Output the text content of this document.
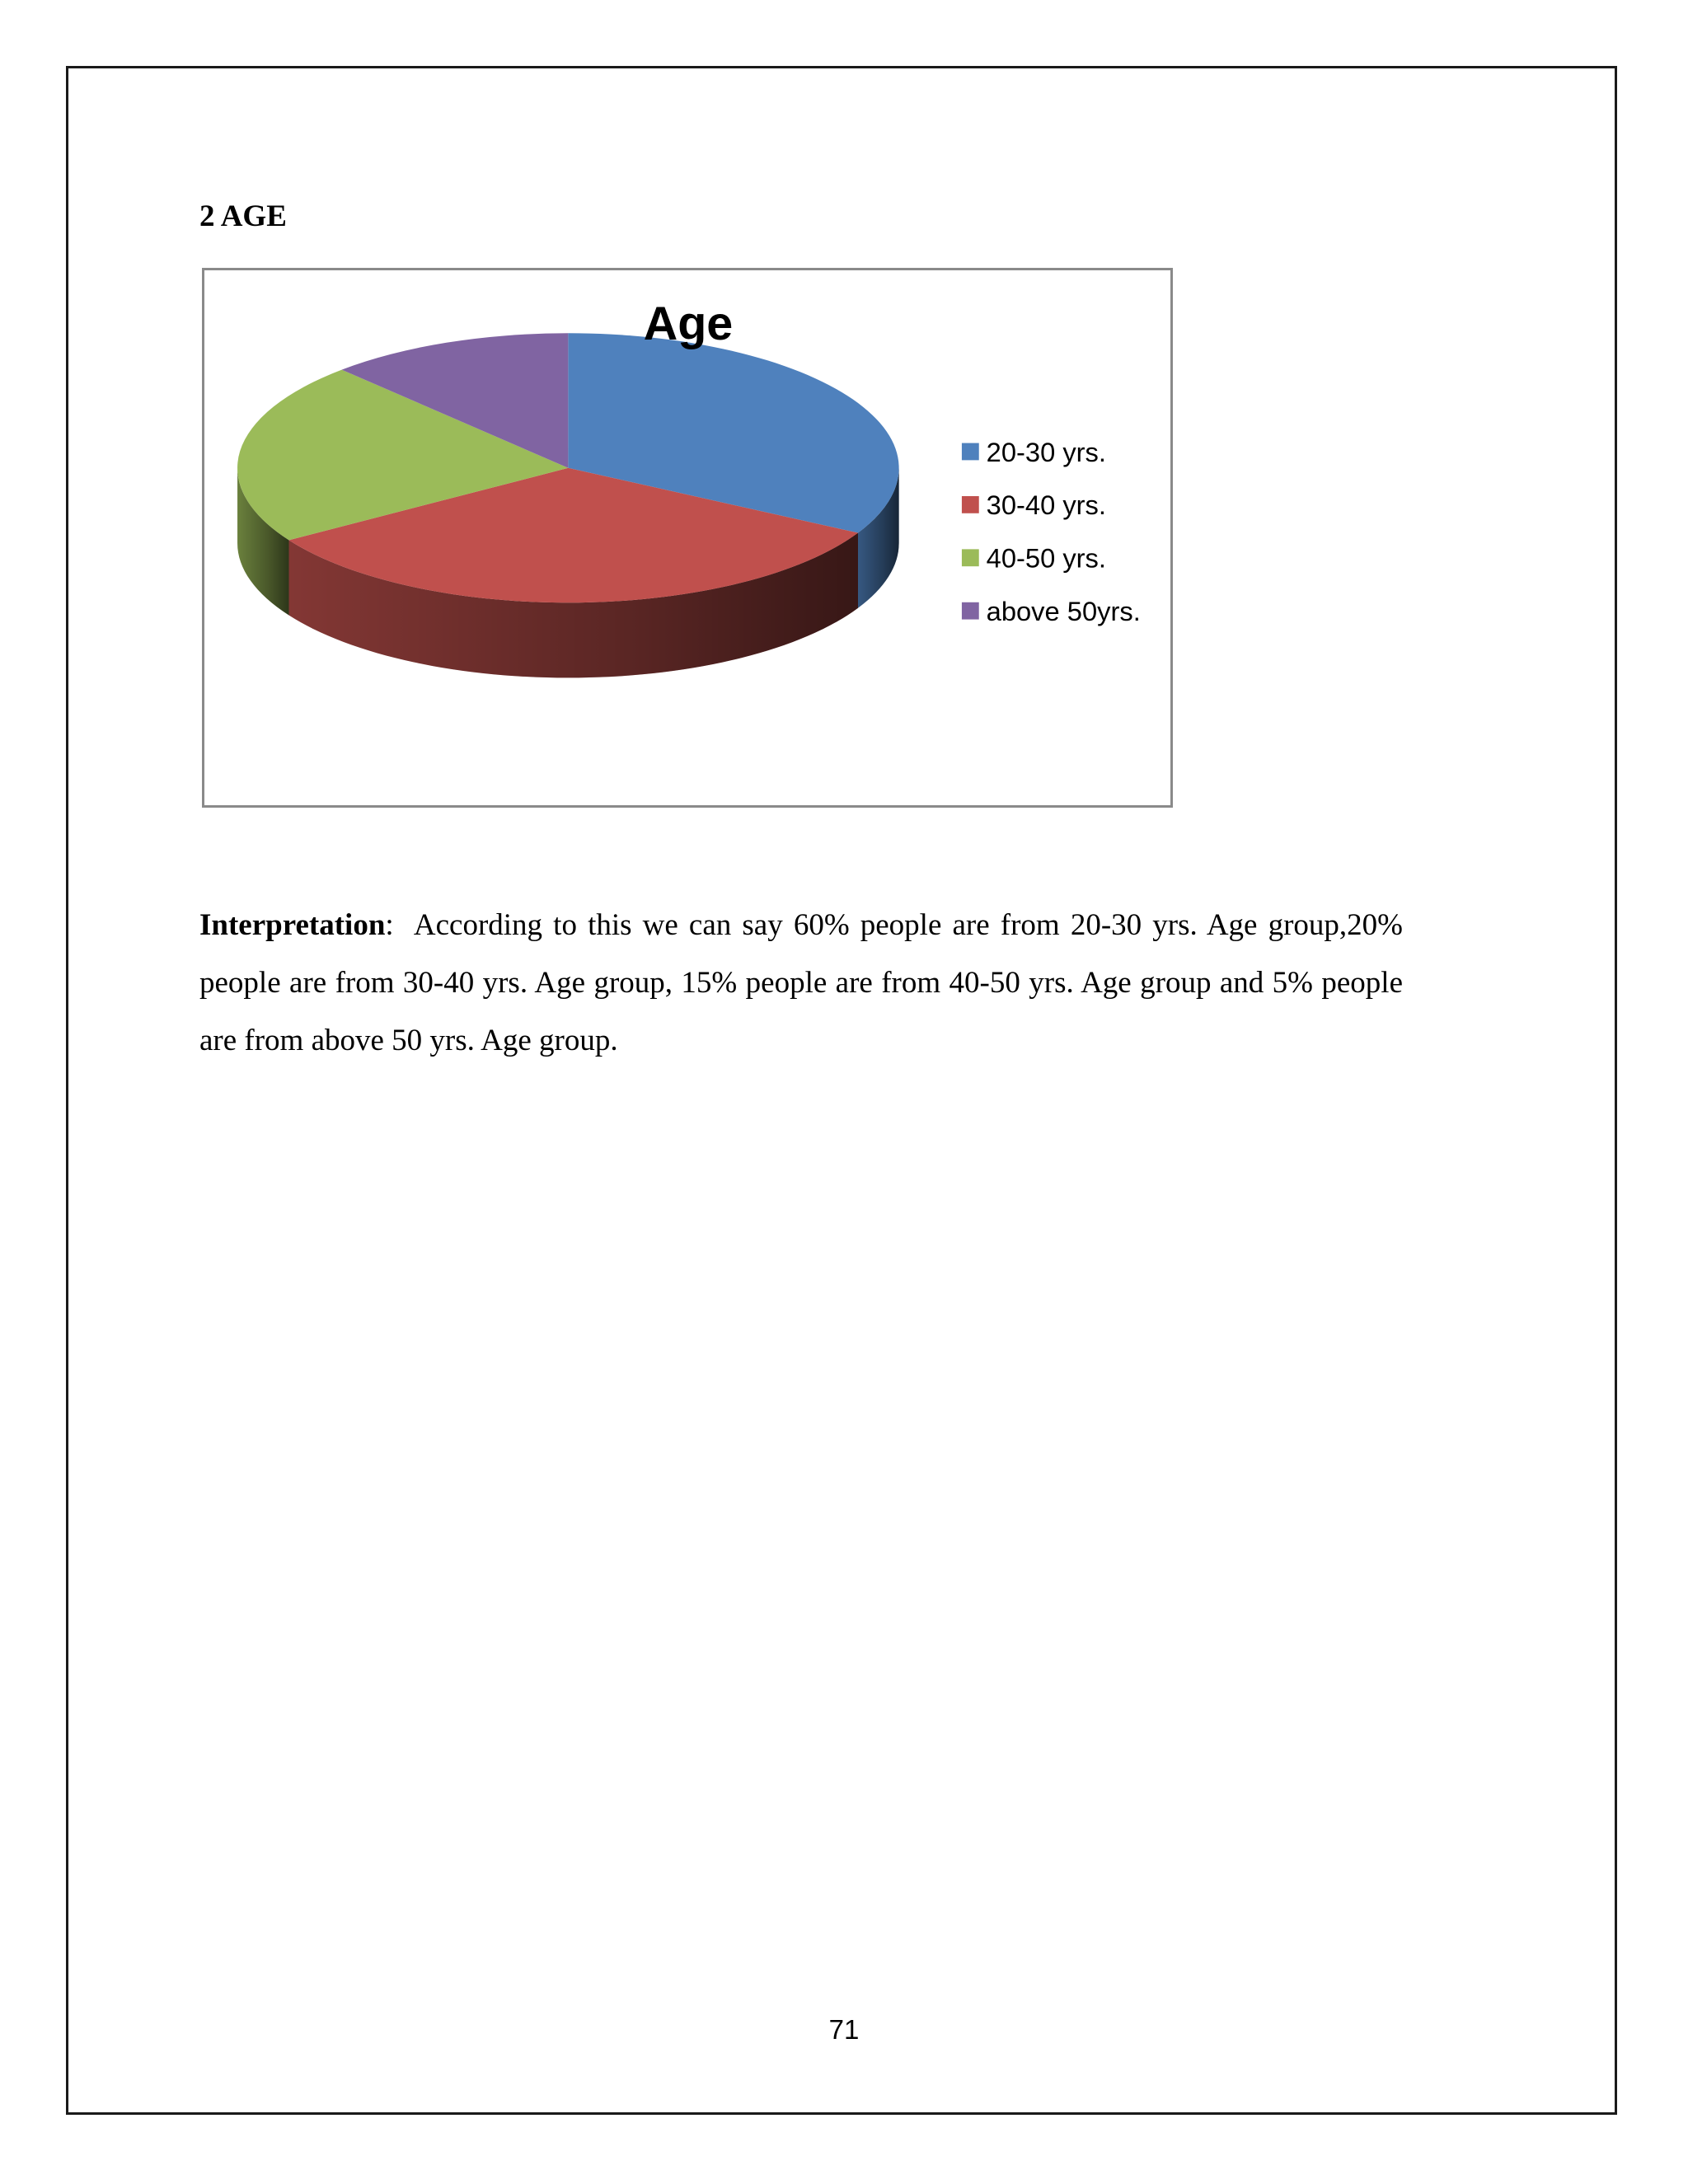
2 AGE
Age
20-30 yrs.
30-40 yrs.
40-50 yrs.
above 50yrs.

Interpretation: According to this we can say 60% people are from 20-30 yrs. Age group,20% people are from 30-40 yrs. Age group, 15% people are from 40-50 yrs. Age group and 5% people are from above 50 yrs. Age group.

71
